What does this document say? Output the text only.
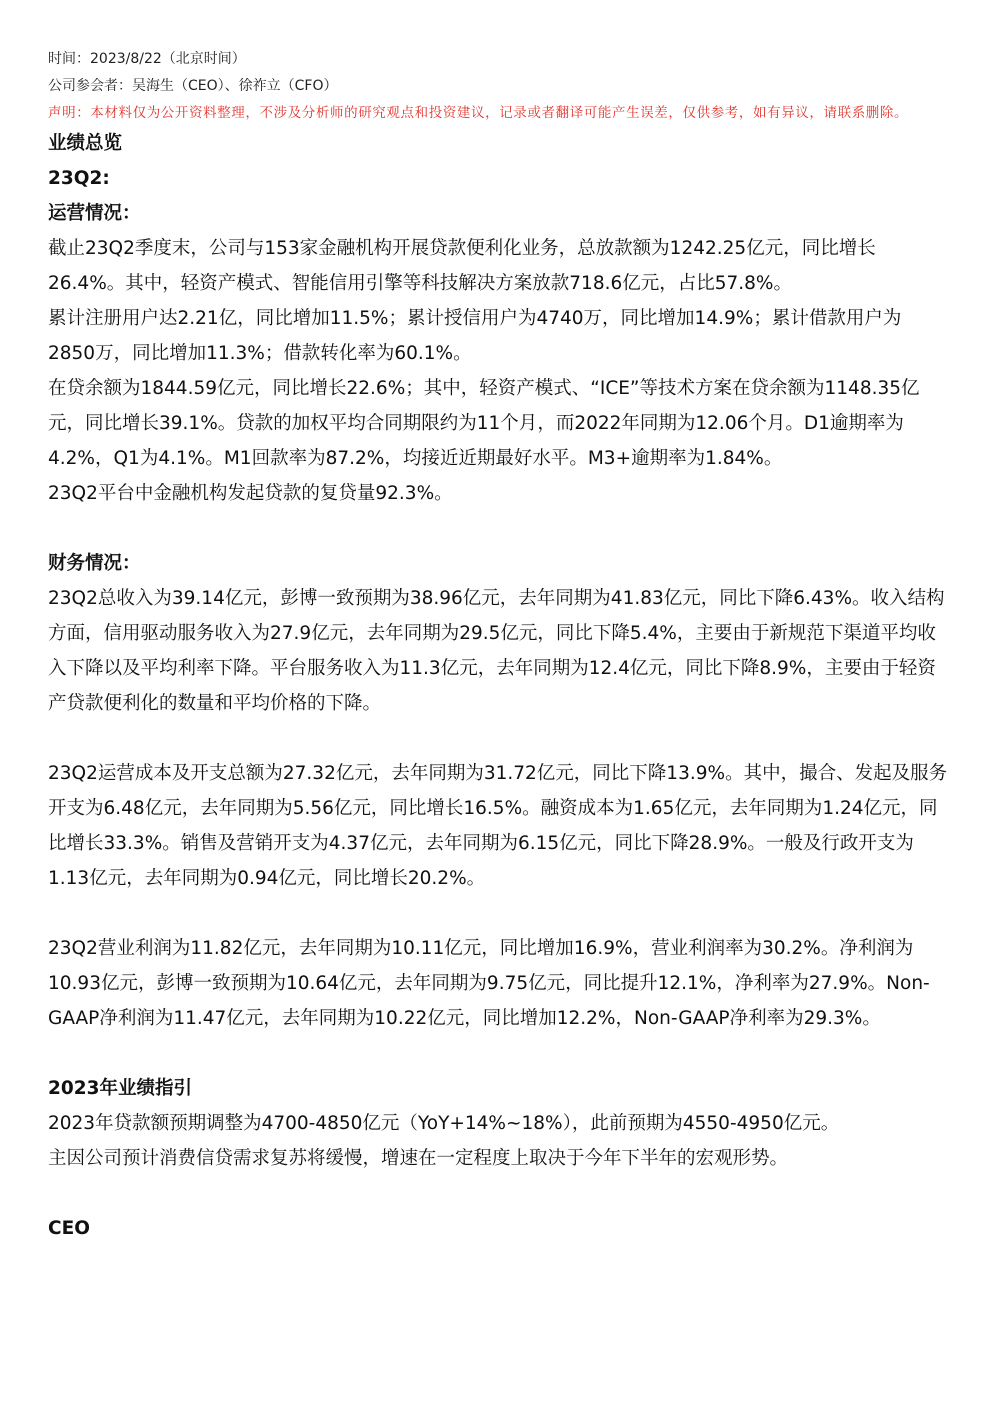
时间：2023/8/22（北京时间）
公司参会者：吴海生（CEO）、徐祚立（CFO）
声明：本材料仅为公开资料整理，不涉及分析师的研究观点和投资建议，记录或者翻译可能产生误差，仅供参考，如有异议，请联系删除。
业绩总览
23Q2:
运营情况：
截止23Q2季度末，公司与153家金融机构开展贷款便利化业务，总放款额为1242.25亿元，同比增长26.4%。其中，轻资产模式、智能信用引擎等科技解决方案放款718.6亿元，占比57.8%。
累计注册用户达2.21亿，同比增加11.5%；累计授信用户为4740万，同比增加14.9%；累计借款用户为2850万，同比增加11.3%；借款转化率为60.1%。
在贷余额为1844.59亿元，同比增长22.6%；其中，轻资产模式、“ICE”等技术方案在贷余额为1148.35亿元，同比增长39.1%。贷款的加权平均合同期限约为11个月，而2022年同期为12.06个月。D1逾期率为4.2%，Q1为4.1%。M1回款率为87.2%，均接近近期最好水平。M3+逾期率为1.84%。
23Q2平台中金融机构发起贷款的复贷量92.3%。
财务情况：
23Q2总收入为39.14亿元，彭博一致预期为38.96亿元，去年同期为41.83亿元，同比下降6.43%。收入结构方面，信用驱动服务收入为27.9亿元，去年同期为29.5亿元，同比下降5.4%，主要由于新规范下渠道平均收入下降以及平均利率下降。平台服务收入为11.3亿元，去年同期为12.4亿元，同比下降8.9%，主要由于轻资产贷款便利化的数量和平均价格的下降。
23Q2运营成本及开支总额为27.32亿元，去年同期为31.72亿元，同比下降13.9%。其中，撮合、发起及服务开支为6.48亿元，去年同期为5.56亿元，同比增长16.5%。融资成本为1.65亿元，去年同期为1.24亿元，同比增长33.3%。销售及营销开支为4.37亿元，去年同期为6.15亿元，同比下降28.9%。一般及行政开支为1.13亿元，去年同期为0.94亿元，同比增长20.2%。
23Q2营业利润为11.82亿元，去年同期为10.11亿元，同比增加16.9%，营业利润率为30.2%。净利润为10.93亿元，彭博一致预期为10.64亿元，去年同期为9.75亿元，同比提升12.1%，净利率为27.9%。Non-GAAP净利润为11.47亿元，去年同期为10.22亿元，同比增加12.2%，Non-GAAP净利率为29.3%。
2023年业绩指引
2023年贷款额预期调整为4700-4850亿元（YoY+14%~18%），此前预期为4550-4950亿元。
主因公司预计消费信贷需求复苏将缓慢，增速在一定程度上取决于今年下半年的宏观形势。
CEO
